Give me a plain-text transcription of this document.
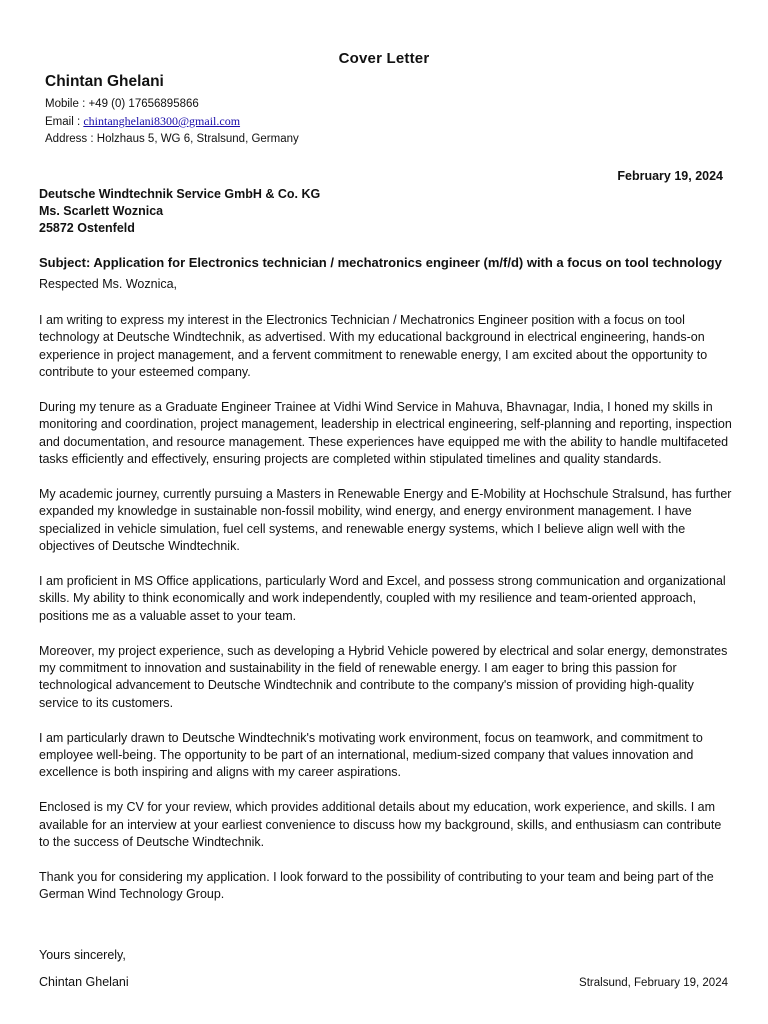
Cover Letter
Chintan Ghelani
Mobile : +49 (0) 17656895866
Email : chintanghelani8300@gmail.com
Address : Holzhaus 5, WG 6, Stralsund, Germany
February 19, 2024
Deutsche Windtechnik Service GmbH & Co. KG
Ms. Scarlett Woznica
25872 Ostenfeld
Subject: Application for Electronics technician / mechatronics engineer (m/f/d) with a focus on tool technology
Respected Ms. Woznica,

I am writing to express my interest in the Electronics Technician / Mechatronics Engineer position with a focus on tool technology at Deutsche Windtechnik, as advertised. With my educational background in electrical engineering, hands-on experience in project management, and a fervent commitment to renewable energy, I am excited about the opportunity to contribute to your esteemed company.

During my tenure as a Graduate Engineer Trainee at Vidhi Wind Service in Mahuva, Bhavnagar, India, I honed my skills in monitoring and coordination, project management, leadership in electrical engineering, self-planning and reporting, inspection and documentation, and resource management. These experiences have equipped me with the ability to handle multifaceted tasks efficiently and effectively, ensuring projects are completed within stipulated timelines and quality standards.

My academic journey, currently pursuing a Masters in Renewable Energy and E-Mobility at Hochschule Stralsund, has further expanded my knowledge in sustainable non-fossil mobility, wind energy, and energy environment management. I have specialized in vehicle simulation, fuel cell systems, and renewable energy systems, which I believe align well with the objectives of Deutsche Windtechnik.

I am proficient in MS Office applications, particularly Word and Excel, and possess strong communication and organizational skills. My ability to think economically and work independently, coupled with my resilience and team-oriented approach, positions me as a valuable asset to your team.

Moreover, my project experience, such as developing a Hybrid Vehicle powered by electrical and solar energy, demonstrates my commitment to innovation and sustainability in the field of renewable energy. I am eager to bring this passion for technological advancement to Deutsche Windtechnik and contribute to the company's mission of providing high-quality service to its customers.

I am particularly drawn to Deutsche Windtechnik's motivating work environment, focus on teamwork, and commitment to employee well-being. The opportunity to be part of an international, medium-sized company that values innovation and excellence is both inspiring and aligns with my career aspirations.

Enclosed is my CV for your review, which provides additional details about my education, work experience, and skills. I am available for an interview at your earliest convenience to discuss how my background, skills, and enthusiasm can contribute to the success of Deutsche Windtechnik.

Thank you for considering my application. I look forward to the possibility of contributing to your team and being part of the German Wind Technology Group.

Yours sincerely,
Chintan Ghelani	Stralsund, February 19, 2024
